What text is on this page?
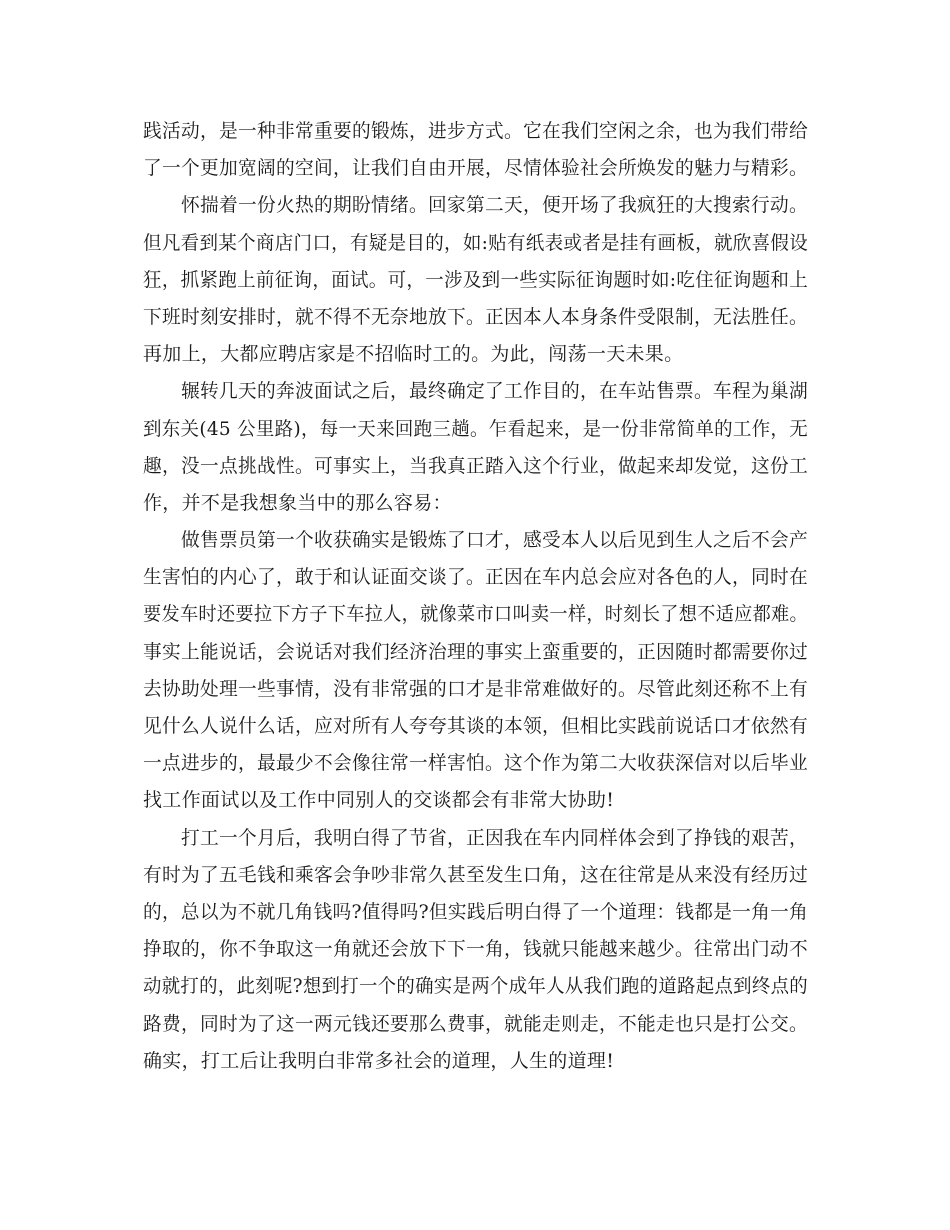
践活动，是一种非常重要的锻炼，进步方式。它在我们空闲之余，也为我们带给
了一个更加宽阔的空间，让我们自由开展，尽情体验社会所焕发的魅力与精彩。
怀揣着一份火热的期盼情绪。回家第二天，便开场了我疯狂的大搜索行动。
但凡看到某个商店门口，有疑是目的，如:贴有纸表或者是挂有画板，就欣喜假设
狂，抓紧跑上前征询，面试。可，一涉及到一些实际征询题时如:吃住征询题和上
下班时刻安排时，就不得不无奈地放下。正因本人本身条件受限制，无法胜任。
再加上，大都应聘店家是不招临时工的。为此，闯荡一天未果。
辗转几天的奔波面试之后，最终确定了工作目的，在车站售票。车程为巢湖
到东关(45 公里路)，每一天来回跑三趟。乍看起来，是一份非常简单的工作，无
趣，没一点挑战性。可事实上，当我真正踏入这个行业，做起来却发觉，这份工
作，并不是我想象当中的那么容易：
做售票员第一个收获确实是锻炼了口才，感受本人以后见到生人之后不会产
生害怕的内心了，敢于和认证面交谈了。正因在车内总会应对各色的人，同时在
要发车时还要拉下方子下车拉人，就像菜市口叫卖一样，时刻长了想不适应都难。
事实上能说话，会说话对我们经济治理的事实上蛮重要的，正因随时都需要你过
去协助处理一些事情，没有非常强的口才是非常难做好的。尽管此刻还称不上有
见什么人说什么话，应对所有人夸夸其谈的本领，但相比实践前说话口才依然有
一点进步的，最最少不会像往常一样害怕。这个作为第二大收获深信对以后毕业
找工作面试以及工作中同别人的交谈都会有非常大协助!
打工一个月后，我明白得了节省，正因我在车内同样体会到了挣钱的艰苦，
有时为了五毛钱和乘客会争吵非常久甚至发生口角，这在往常是从来没有经历过
的，总以为不就几角钱吗?值得吗?但实践后明白得了一个道理：钱都是一角一角
挣取的，你不争取这一角就还会放下下一角，钱就只能越来越少。往常出门动不
动就打的，此刻呢?想到打一个的确实是两个成年人从我们跑的道路起点到终点的
路费，同时为了这一两元钱还要那么费事，就能走则走，不能走也只是打公交。
确实，打工后让我明白非常多社会的道理，人生的道理!
